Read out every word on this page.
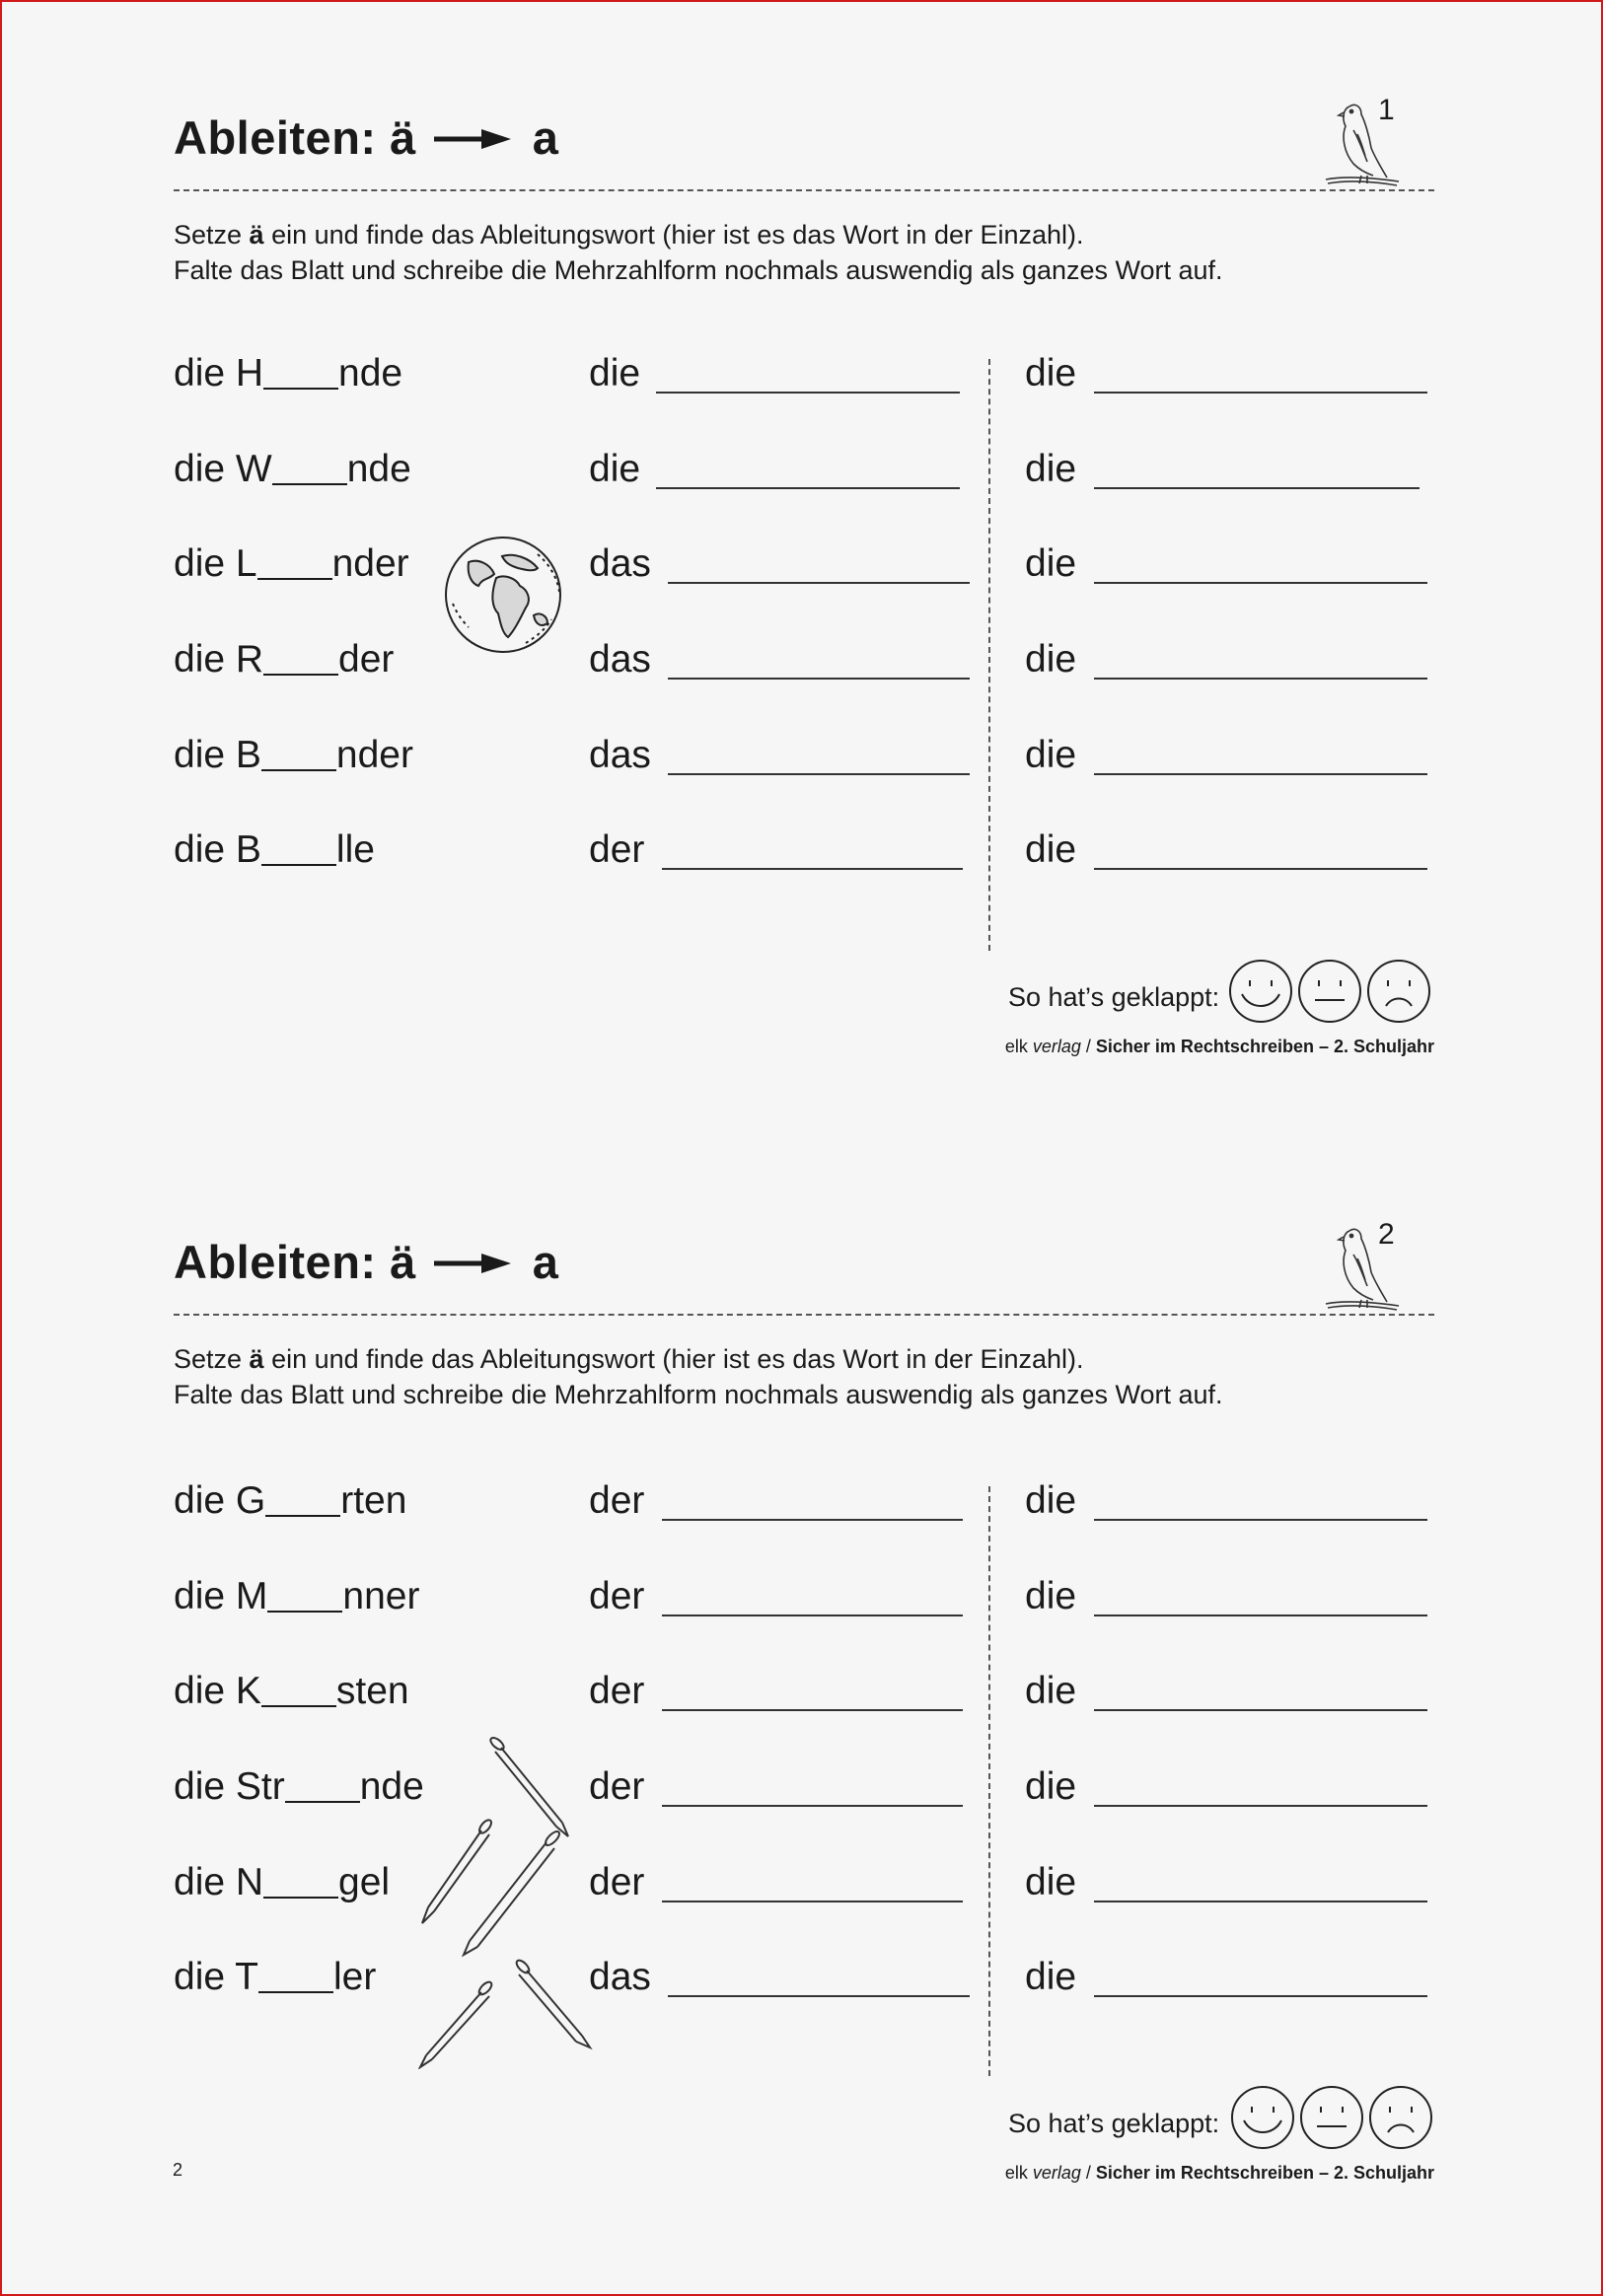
Ableiten: ä	a
1
Setze ä ein und finde das Ableitungswort (hier ist es das Wort in der Einzahl).
Falte das Blatt und schreibe die Mehrzahlform nochmals auswendig als ganzes Wort auf.
die H nde	die	die
die W nde	die	die
die L nder	das	die
die R der	das	die
die B nder	das	die
die B lle	der	die
So hat’s geklappt:
elk verlag / Sicher im Rechtschreiben – 2. Schuljahr
Ableiten: ä	a
2
Setze ä ein und finde das Ableitungswort (hier ist es das Wort in der Einzahl).
Falte das Blatt und schreibe die Mehrzahlform nochmals auswendig als ganzes Wort auf.
die G rten	der	die
die M nner	der	die
die K sten	der	die
die Str nde	der	die
die N gel	der	die
die T ler	das	die
So hat’s geklappt:
elk verlag / Sicher im Rechtschreiben – 2. Schuljahr
2
